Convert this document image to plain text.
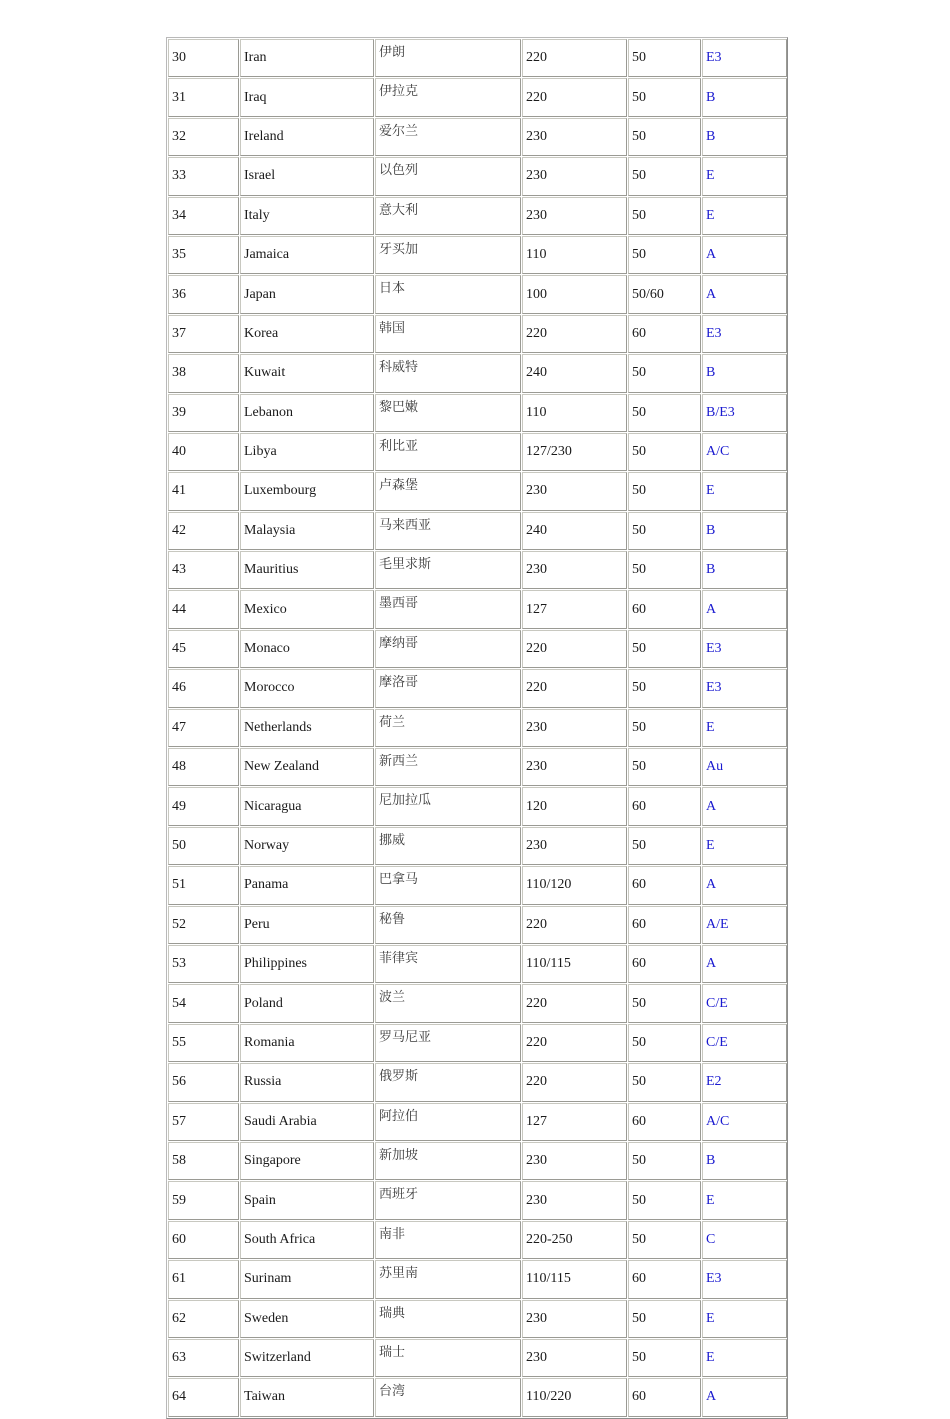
30	Iran	伊朗	220	50	E3
31	Iraq	伊拉克	220	50	B
32	Ireland	爱尔兰	230	50	B
33	Israel	以色列	230	50	E
34	Italy	意大利	230	50	E
35	Jamaica	牙买加	110	50	A
36	Japan	日本	100	50/60	A
37	Korea	韩国	220	60	E3
38	Kuwait	科威特	240	50	B
39	Lebanon	黎巴嫩	110	50	B/E3
40	Libya	利比亚	127/230	50	A/C
41	Luxembourg	卢森堡	230	50	E
42	Malaysia	马来西亚	240	50	B
43	Mauritius	毛里求斯	230	50	B
44	Mexico	墨西哥	127	60	A
45	Monaco	摩纳哥	220	50	E3
46	Morocco	摩洛哥	220	50	E3
47	Netherlands	荷兰	230	50	E
48	New Zealand	新西兰	230	50	Au
49	Nicaragua	尼加拉瓜	120	60	A
50	Norway	挪威	230	50	E
51	Panama	巴拿马	110/120	60	A
52	Peru	秘鲁	220	60	A/E
53	Philippines	菲律宾	110/115	60	A
54	Poland	波兰	220	50	C/E
55	Romania	罗马尼亚	220	50	C/E
56	Russia	俄罗斯	220	50	E2
57	Saudi Arabia	阿拉伯	127	60	A/C
58	Singapore	新加坡	230	50	B
59	Spain	西班牙	230	50	E
60	South Africa	南非	220-250	50	C
61	Surinam	苏里南	110/115	60	E3
62	Sweden	瑞典	230	50	E
63	Switzerland	瑞士	230	50	E
64	Taiwan	台湾	110/220	60	A
